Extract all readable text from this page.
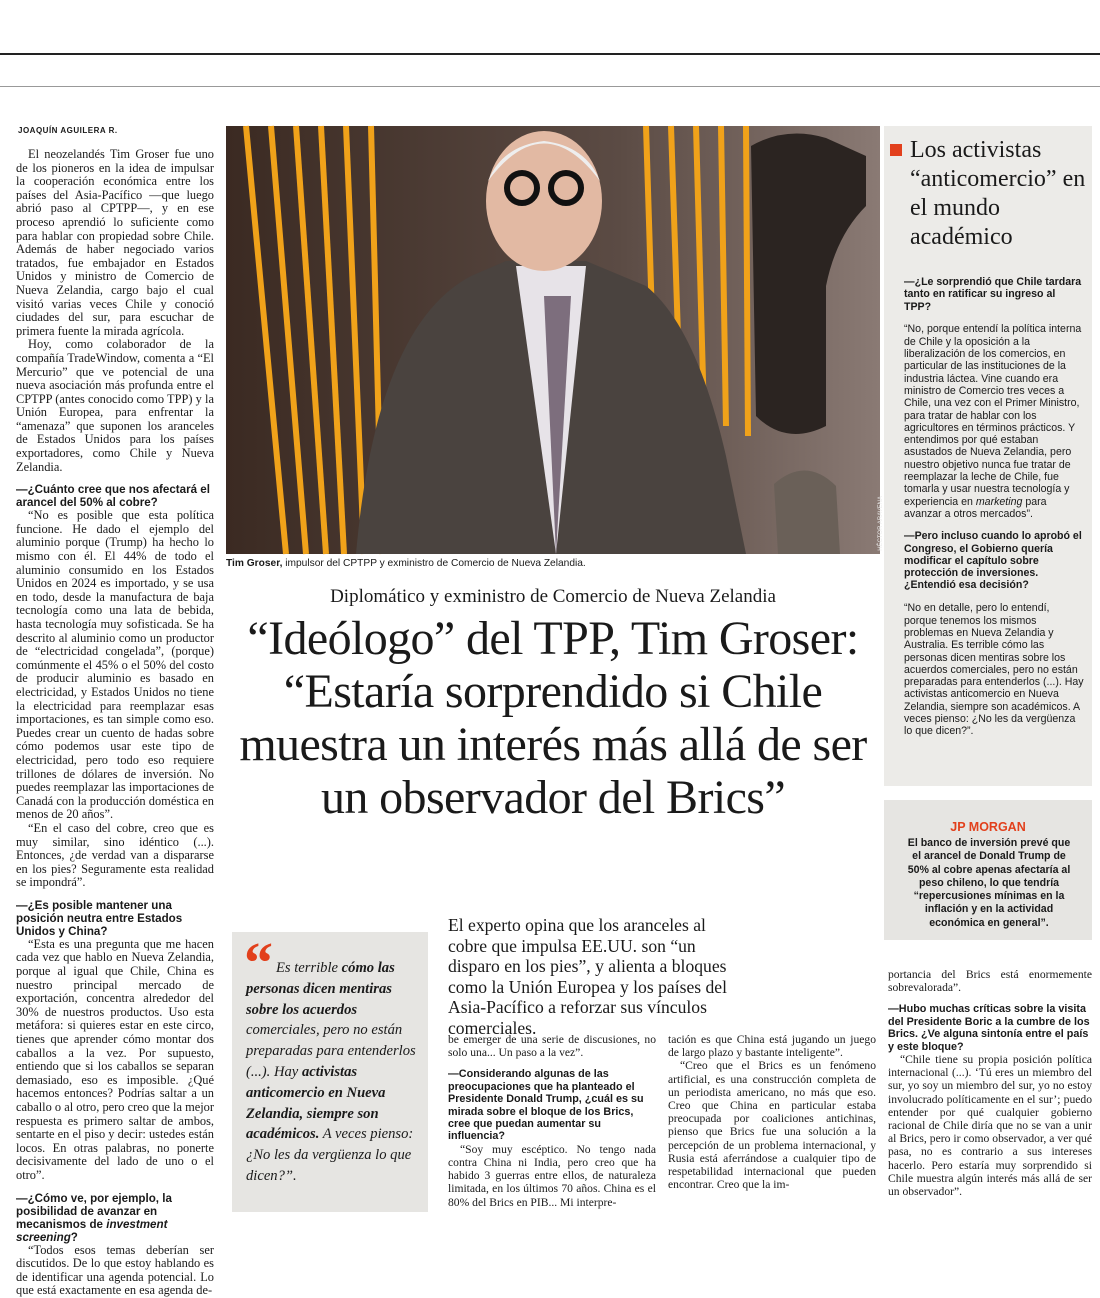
JOAQUÍN AGUILERA R.

El neozelandés Tim Groser fue uno de los pioneros en la idea de impulsar la cooperación económica entre los países del Asia-Pacífico —que luego abrió paso al CPTPP—, y en ese proceso aprendió lo suficiente como para hablar con propiedad sobre Chile. Además de haber negociado varios tratados, fue embajador en Estados Unidos y ministro de Comercio de Nueva Zelandia, cargo bajo el cual visitó varias veces Chile y conoció ciudades del sur, para escuchar de primera fuente la mirada agrícola.

Hoy, como colaborador de la compañía TradeWindow, comenta a “El Mercurio” que ve potencial de una nueva asociación más profunda entre el CPTPP (antes conocido como TPP) y la Unión Europea, para enfrentar la “amenaza” que suponen los aranceles de Estados Unidos para los países exportadores, como Chile y Nueva Zelandia.

—¿Cuánto cree que nos afectará el arancel del 50% al cobre?

“No es posible que esta política funcione. He dado el ejemplo del aluminio porque (Trump) ha hecho lo mismo con él. El 44% de todo el aluminio consumido en los Estados Unidos en 2024 es importado, y se usa en todo, desde la manufactura de baja tecnología como una lata de bebida, hasta tecnología muy sofisticada. Se ha descrito al aluminio como un productor de “electricidad congelada”, (porque) comúnmente el 45% o el 50% del costo de producir aluminio es basado en electricidad, y Estados Unidos no tiene la electricidad para reemplazar esas importaciones, es tan simple como eso. Puedes crear un cuento de hadas sobre cómo podemos usar este tipo de electricidad, pero todo eso requiere trillones de dólares de inversión. No puedes reemplazar las importaciones de Canadá con la producción doméstica en menos de 20 años”.

“En el caso del cobre, creo que es muy similar, sino idéntico (...). Entonces, ¿de verdad van a dispararse en los pies? Seguramente esta realidad se impondrá”.

—¿Es posible mantener una posición neutra entre Estados Unidos y China?

“Esta es una pregunta que me hacen cada vez que hablo en Nueva Zelandia, porque al igual que Chile, China es nuestro principal mercado de exportación, concentra alrededor del 30% de nuestros productos. Uso esta metáfora: si quieres estar en este circo, tienes que aprender cómo montar dos caballos a la vez. Por supuesto, entiendo que si los caballos se separan demasiado, eso es imposible. ¿Qué hacemos entonces? Podrías saltar a un caballo o al otro, pero creo que la mejor respuesta es primero saltar de ambos, sentarte en el piso y decir: ustedes están locos. En otras palabras, no ponerte decisivamente del lado de uno o el otro”.

—¿Cómo ve, por ejemplo, la posibilidad de avanzar en mecanismos de investment screening?

“Todos esos temas deberían ser discutidos. De lo que estoy hablando es de identificar una agenda potencial. Lo que está exactamente en esa agenda de-

HÉCTOR ARAVENA
Tim Groser, impulsor del CPTPP y exministro de Comercio de Nueva Zelandia.
Diplomático y exministro de Comercio de Nueva Zelandia
“Ideólogo” del TPP, Tim Groser: “Estaría sorprendido si Chile muestra un interés más allá de ser un observador del Brics”
“ Es terrible cómo las personas dicen mentiras sobre los acuerdos comerciales, pero no están preparadas para entenderlos (...). Hay activistas anticomercio en Nueva Zelandia, siempre son académicos. A veces pienso: ¿No les da vergüenza lo que dicen?”.
El experto opina que los aranceles al cobre que impulsa EE.UU. son “un disparo en los pies”, y alienta a bloques como la Unión Europea y los países del Asia-Pacífico a reforzar sus vínculos comerciales.

be emerger de una serie de discusiones, no solo una... Un paso a la vez”.

—Considerando algunas de las preocupaciones que ha planteado el Presidente Donald Trump, ¿cuál es su mirada sobre el bloque de los Brics, cree que puedan aumentar su influencia?

“Soy muy escéptico. No tengo nada contra China ni India, pero creo que ha habido 3 guerras entre ellos, de naturaleza limitada, en los últimos 70 años. China es el 80% del Brics en PIB... Mi interpre-

tación es que China está jugando un juego de largo plazo y bastante inteligente”.

“Creo que el Brics es un fenómeno artificial, es una construcción completa de un periodista americano, no más que eso. Creo que China en particular estaba preocupada por coaliciones antichinas, pienso que Brics fue una solución a la percepción de un problema internacional, y Rusia está aferrándose a cualquier tipo de respetabilidad internacional que pueden encontrar. Creo que la im-

portancia del Brics está enormemente sobrevalorada”.

—Hubo muchas críticas sobre la visita del Presidente Boric a la cumbre de los Brics. ¿Ve alguna sintonía entre el país y este bloque?

“Chile tiene su propia posición política internacional (...). ‘Tú eres un miembro del sur, yo soy un miembro del sur, yo no estoy involucrado políticamente en el sur’; puedo entender por qué cualquier gobierno racional de Chile diría que no se van a unir al Brics, pero ir como observador, a ver qué pasa, no es contrario a sus intereses hacerlo. Pero estaría muy sorprendido si Chile muestra algún interés más allá de ser un observador”.

Los activistas “anticomercio” en el mundo académico

—¿Le sorprendió que Chile tardara tanto en ratificar su ingreso al TPP?

“No, porque entendí la política interna de Chile y la oposición a la liberalización de los comercios, en particular de las instituciones de la industria láctea. Vine cuando era ministro de Comercio tres veces a Chile, una vez con el Primer Ministro, para tratar de hablar con los agricultores en términos prácticos. Y entendimos por qué estaban asustados de Nueva Zelandia, pero nuestro objetivo nunca fue tratar de reemplazar la leche de Chile, fue tomarla y usar nuestra tecnología y experiencia en marketing para avanzar a otros mercados”.

—Pero incluso cuando lo aprobó el Congreso, el Gobierno quería modificar el capítulo sobre protección de inversiones. ¿Entendió esa decisión?

“No en detalle, pero lo entendí, porque tenemos los mismos problemas en Nueva Zelandia y Australia. Es terrible cómo las personas dicen mentiras sobre los acuerdos comerciales, pero no están preparadas para entenderlos (...). Hay activistas anticomercio en Nueva Zelandia, siempre son académicos. A veces pienso: ¿No les da vergüenza lo que dicen?”.

JP MORGAN
El banco de inversión prevé que el arancel de Donald Trump de 50% al cobre apenas afectaría al peso chileno, lo que tendría “repercusiones mínimas en la inflación y en la actividad económica en general”.
